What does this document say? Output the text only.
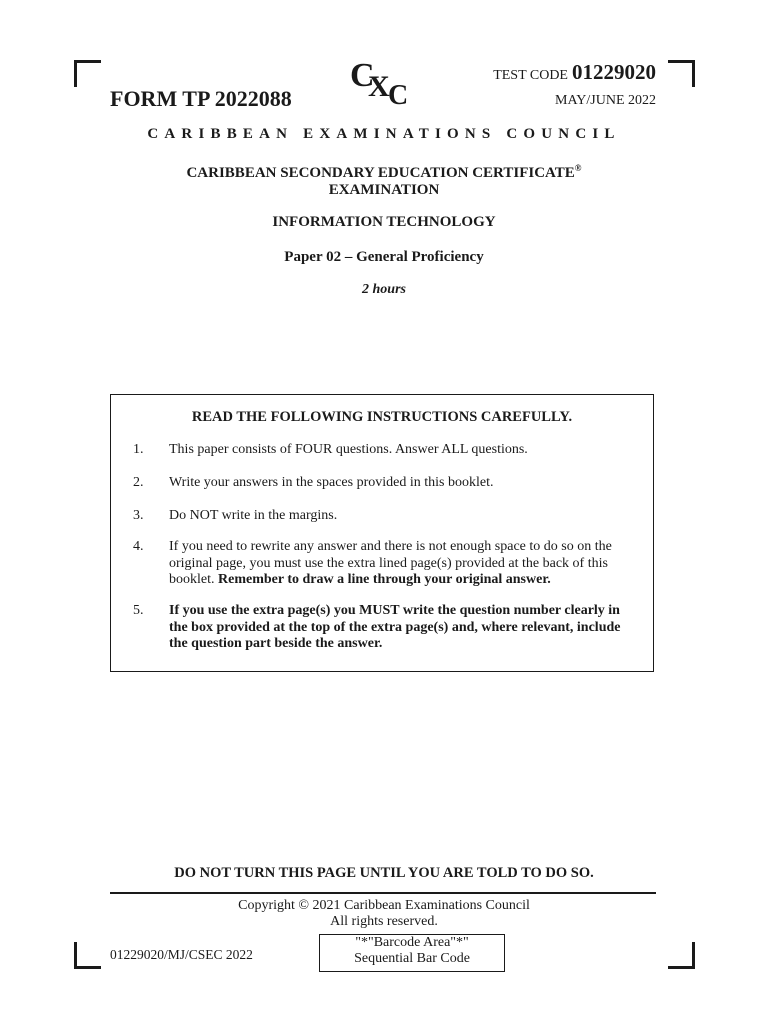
FORM TP 2022088
C
X
C
TEST CODE 01229020
MAY/JUNE 2022
CARIBBEAN EXAMINATIONS COUNCIL
CARIBBEAN SECONDARY EDUCATION CERTIFICATE®
EXAMINATION
INFORMATION TECHNOLOGY
Paper 02 – General Proficiency
2 hours
READ THE FOLLOWING INSTRUCTIONS CAREFULLY.
1. This paper consists of FOUR questions. Answer ALL questions.
2. Write your answers in the spaces provided in this booklet.
3. Do NOT write in the margins.
4. If you need to rewrite any answer and there is not enough space to do so on the original page, you must use the extra lined page(s) provided at the back of this booklet. Remember to draw a line through your original answer.
5. If you use the extra page(s) you MUST write the question number clearly in the box provided at the top of the extra page(s) and, where relevant, include the question part beside the answer.
DO NOT TURN THIS PAGE UNTIL YOU ARE TOLD TO DO SO.
Copyright © 2021 Caribbean Examinations Council
All rights reserved.
01229020/MJ/CSEC 2022
"*"Barcode Area"*"
Sequential Bar Code
